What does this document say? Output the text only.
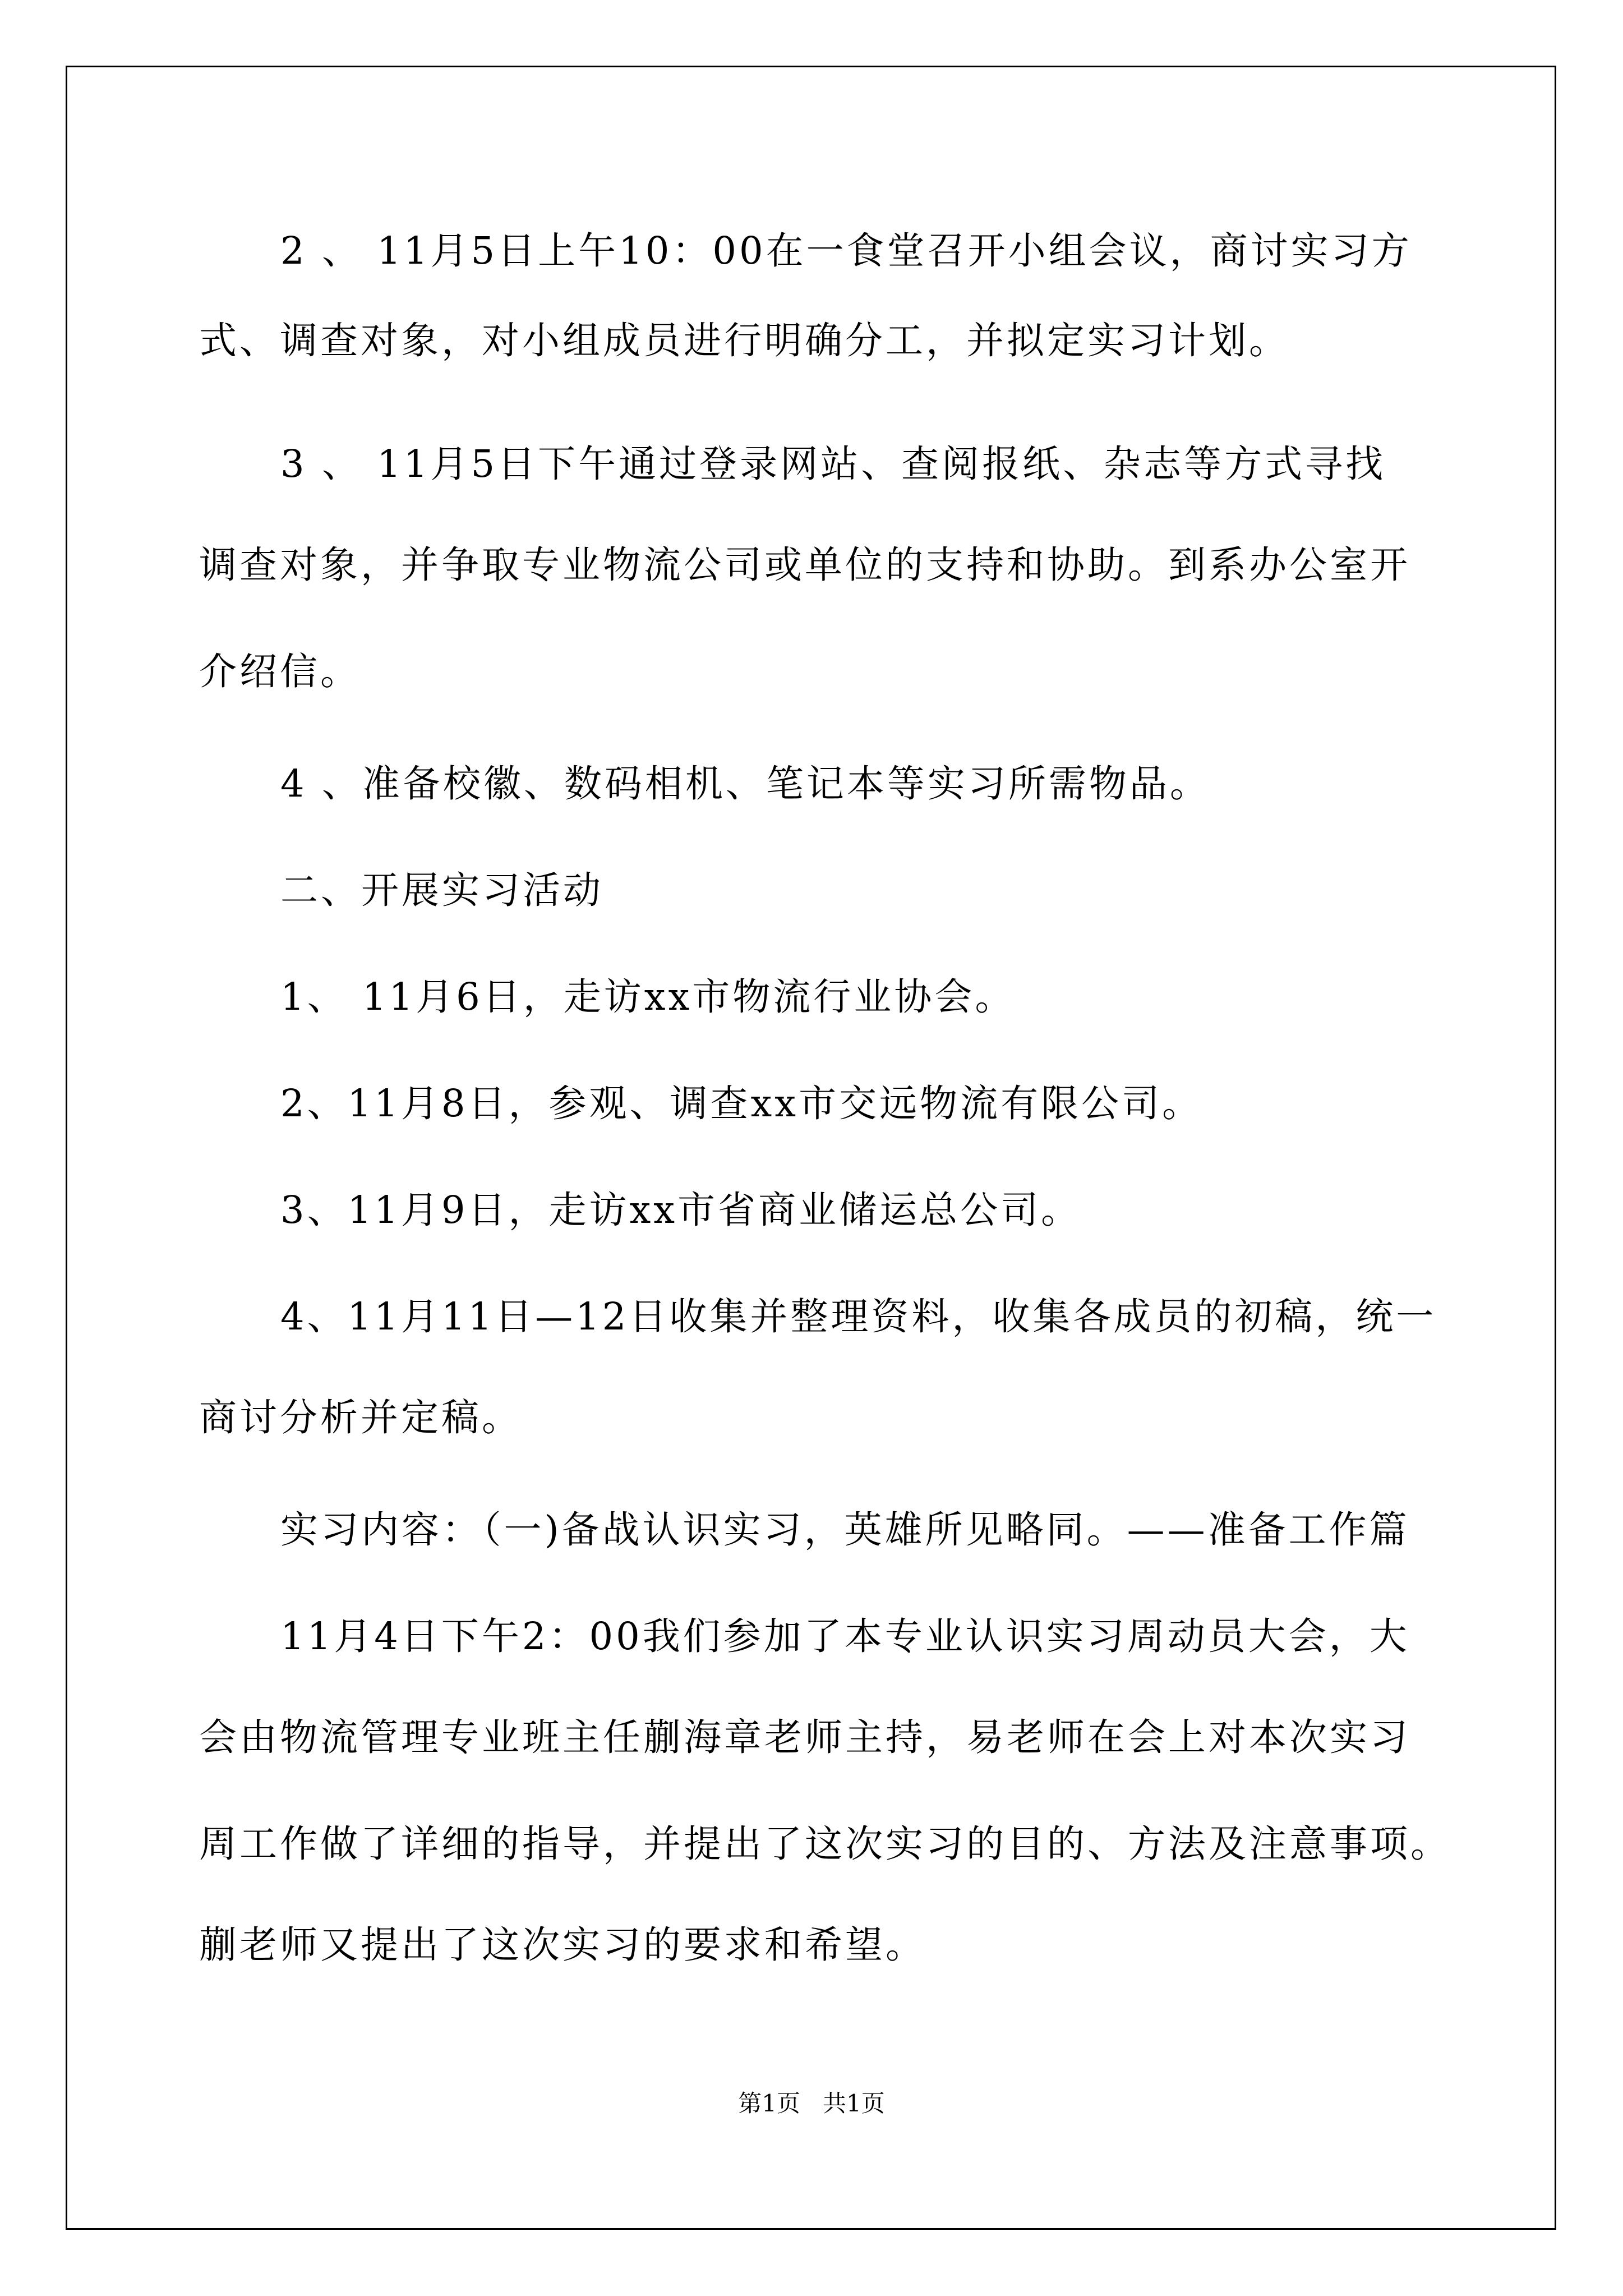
2 、 11月5日上午10：00在一食堂召开小组会议，商讨实习方

式、调查对象，对小组成员进行明确分工，并拟定实习计划。

3 、 11月5日下午通过登录网站、查阅报纸、杂志等方式寻找

调查对象，并争取专业物流公司或单位的支持和协助。到系办公室开

介绍信。

4 、准备校徽、数码相机、笔记本等实习所需物品。

二、开展实习活动

1、 11月6日，走访xx市物流行业协会。

2、11月8日，参观、调查xx市交远物流有限公司。

3、11月9日，走访xx市省商业储运总公司。

4、11月11日—12日收集并整理资料，收集各成员的初稿，统一

商讨分析并定稿。

实习内容：（一)备战认识实习，英雄所见略同。——准备工作篇

11月4日下午2：00我们参加了本专业认识实习周动员大会，大

会由物流管理专业班主任蒯海章老师主持，易老师在会上对本次实习

周工作做了详细的指导，并提出了这次实习的目的、方法及注意事项。

蒯老师又提出了这次实习的要求和希望。

第1页   共1页
